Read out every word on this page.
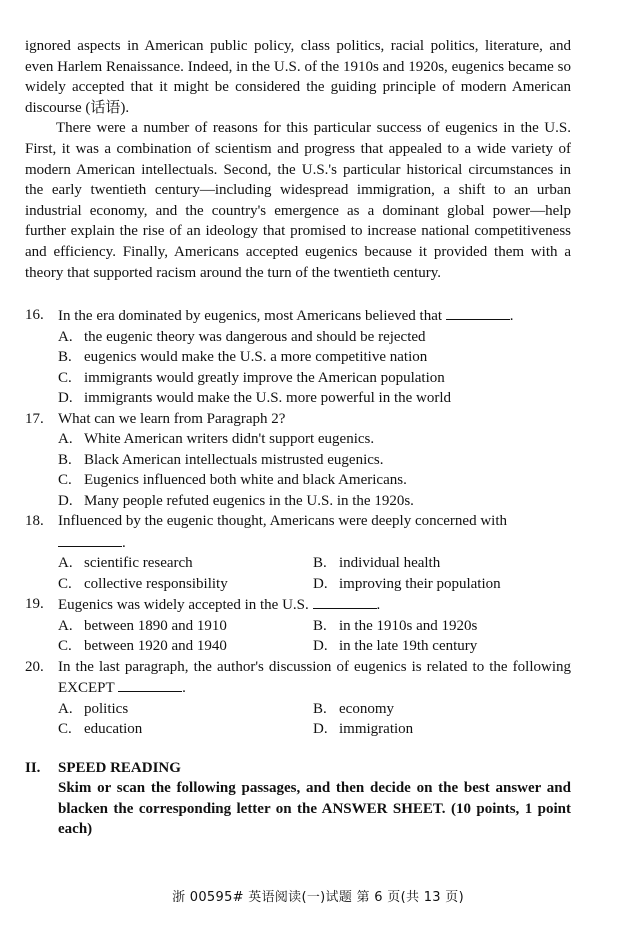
ignored aspects in American public policy, class politics, racial politics, literature, and even Harlem Renaissance. Indeed, in the U.S. of the 1910s and 1920s, eugenics became so widely accepted that it might be considered the guiding principle of modern American discourse (话语).

There were a number of reasons for this particular success of eugenics in the U.S. First, it was a combination of scientism and progress that appealed to a wide variety of modern American intellectuals. Second, the U.S.'s particular historical circumstances in the early twentieth century—including widespread immigration, a shift to an urban industrial economy, and the country's emergence as a dominant global power—help further explain the rise of an ideology that promised to increase national competitiveness and efficiency. Finally, Americans accepted eugenics because it provided them with a theory that supported racism around the turn of the twentieth century.

16. In the era dominated by eugenics, most Americans believed that	.
A. the eugenic theory was dangerous and should be rejected
B. eugenics would make the U.S. a more competitive nation
C. immigrants would greatly improve the American population
D. immigrants would make the U.S. more powerful in the world
17. What can we learn from Paragraph 2?
A. White American writers didn't support eugenics.
B. Black American intellectuals mistrusted eugenics.
C. Eugenics influenced both white and black Americans.
D. Many people refuted eugenics in the U.S. in the 1920s.
18. Influenced by the eugenic thought, Americans were deeply concerned with
.
A. scientific research	B. individual health
C. collective responsibility	D. improving their population
19. Eugenics was widely accepted in the U.S.	.
A. between 1890 and 1910	B. in the 1910s and 1920s
C. between 1920 and 1940	D. in the late 19th century
20. In the last paragraph, the author's discussion of eugenics is related to the following EXCEPT	.
A. politics	B. economy
C. education	D. immigration
II. SPEED READING
Skim or scan the following passages, and then decide on the best answer and blacken the corresponding letter on the ANSWER SHEET. (10 points, 1 point each)
浙 00595# 英语阅读(一)试题 第 6 页(共 13 页)
